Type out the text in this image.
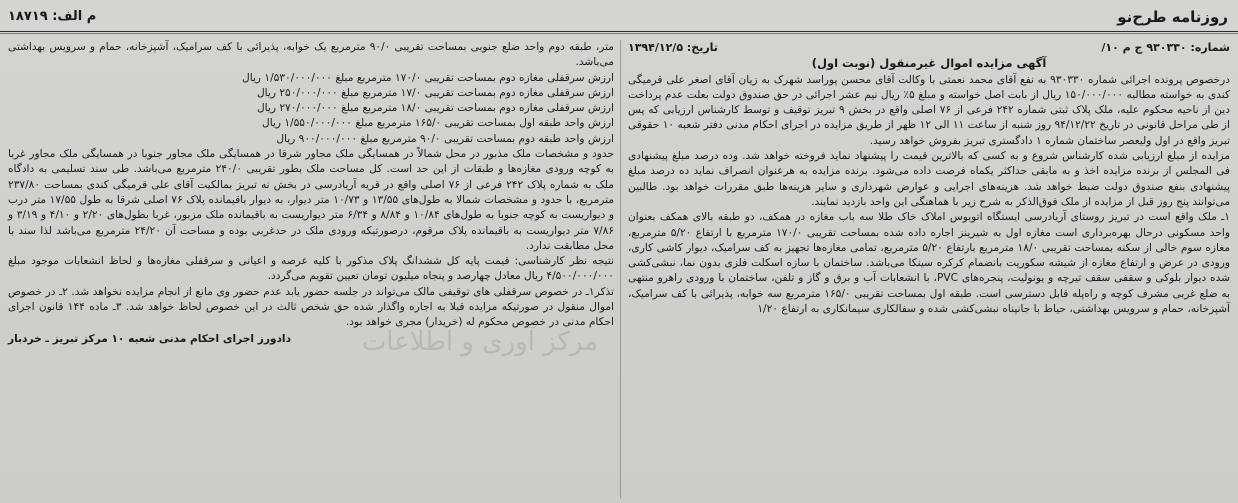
م الف: ۱۸۷۱۹	روزنامه طرح‌نو
شماره: ۹۳۰۳۳۰ ج م ۱۰/
تاریخ: ۱۳۹۴/۱۲/۵
آگهی مزایده اموال غیرمنقول (نوبت اول)

درخصوص پرونده اجرائی شماره ۹۳۰۳۳۰ به نفع آقای محمد نعمتی با وکالت آقای محسن پوراسد شهرک به زیان آقای اصغر علی قرمیگی کندی به خواسته مطالبه ۱۵۰/۰۰۰/۰۰۰ ریال از بابت اصل خواسته و مبلغ ۵٪ ریال نیم عشر اجرائی در حق صندوق دولت بعلت عدم پرداخت دین از ناحیه محکوم علیه، ملک پلاک ثبتی شماره ۲۴۲ فرعی از ۷۶ اصلی واقع در بخش ۹ تبریز توقیف و توسط کارشناس ارزیابی که پس از طی مراحل قانونی در تاریخ ۹۴/۱۲/۲۲ روز شنبه از ساعت ۱۱ الی ۱۲ ظهر از طریق مزایده در اجرای احکام مدنی دفتر شعبه ۱۰ حقوقی تبریز واقع در اول ولیعصر ساختمان شماره ۱ دادگستری تبریز بفروش خواهد رسید.

مزایده از مبلغ ارزیابی شده کارشناس شروع و به کسی که بالاترین قیمت را پیشنهاد نماید فروخته خواهد شد. وده درصد مبلغ پیشنهادی فی المجلس از برنده مزایده اخذ و به مابقی حداکثر یکماه فرصت داده می‌شود. برنده مزایده به هرعنوان انصراف نماید ده درصد مبلغ پیشنهادی بنفع صندوق دولت ضبط خواهد شد. هزینه‌های اجرایی و عوارض شهرداری و سایر هزینه‌ها طبق مقررات خواهد بود. طالبین می‌توانند پنج روز قبل از مزایده از ملک فوق‌الذکر به شرح زیر با هماهنگی این واحد بازدید نمایند.

۱ـ ملک واقع است در تبریز روستای آریادرسی ایستگاه اتوبوس املاک خاک طلا سه باب مغازه در همکف، دو طبقه بالای همکف بعنوان واحد مسکونی درحال بهره‌برداری است مغازه اول به شیرینز اجاره داده شده بمساحت تقریبی ۱۷۰/۰ مترمربع با ارتفاع ۵/۲۰ مترمربع، مغازه سوم خالی از سکنه بمساحت تقریبی ۱۸/۰ مترمربع بارتفاع ۵/۲۰ مترمربع، تمامی مغازه‌ها تجهیز به کف سرامیک، دیوار کاشی کاری، ورودی در عرض و ارتفاع مغازه از شیشه سکوریت بانضمام کرکره سینکا می‌باشد. ساختمان با سازه اسکلت فلزی بدون نما، نبشی‌کشی شده دیوار بلوکی و سقفی سقف تیرچه و یونولیت، پنجره‌های PVC، با انشعابات آب و برق و گاز و تلفن، ساختمان با ورودی راهرو منتهی به ضلع غربی مشرف کوچه و راه‌پله قابل دسترسی است. طبقه اول بمساحت تقریبی ۱۶۵/۰ مترمربع سه خوابه، پذیرائی با کف سرامیک، آشپزخانه، حمام و سرویس بهداشتی، حیاط با جانپناه نبشی‌کشی شده و سفالکاری سیمانکاری به ارتفاع ۱/۲۰

متر، طبقه دوم واحد ضلع جنوبی بمساحت تقریبی ۹۰/۰ مترمربع یک خوابه، پذیرائی با کف سرامیک، آشپزخانه، حمام و سرویس بهداشتی می‌باشد.

ارزش سرقفلی مغازه دوم بمساحت تقریبی ۱۷۰/۰ مترمربع مبلغ ۱/۵۳۰/۰۰۰/۰۰۰ ریال

ارزش سرقفلی مغازه دوم بمساحت تقریبی ۱۷/۰ مترمربع مبلغ ۲۵۰/۰۰۰/۰۰۰ ریال

ارزش سرقفلی مغازه دوم بمساحت تقریبی ۱۸/۰ مترمربع مبلغ ۲۷۰/۰۰۰/۰۰۰ ریال

ارزش واحد طبقه اول بمساحت تقریبی ۱۶۵/۰ مترمربع مبلغ ۱/۵۵۰/۰۰۰/۰۰۰ ریال

ارزش واحد طبقه دوم بمساحت تقریبی ۹۰/۰ مترمربع مبلغ ۹۰۰/۰۰۰/۰۰۰ ریال

حدود و مشخصات ملک مذبور در محل شمالاً در همسایگی ملک مجاور شرقا در همسایگی ملک مجاور جنوبا در همسایگی ملک مجاور غربا به کوچه ورودی مغازه‌ها و طبقات از این حد است. کل مساحت ملک بطور تقریبی ۲۴۰/۰ مترمربع می‌باشد. طی سند تسلیمی به دادگاه ملک به شماره پلاک ۲۴۲ فرعی از ۷۶ اصلی واقع در قریه آریادرسی در بخش نه تبریز بمالکیت آقای علی قرمیگی کندی بمساحت ۲۳۷/۸۰ مترمربع، با حدود و مشخصات شمالا به طول‌های ۱۳/۵۵ و ۱۰/۷۳ متر دیوار، به دیوار باقیمانده پلاک ۷۶ اصلی شرقا به طول ۱۷/۵۵ متر درب و دیواریست به کوچه جنوبا به طول‌های ۱۰/۸۴ و ۸/۸۴ و ۶/۳۴ متر دیواریست به باقیمانده ملک مزبور، غربا بطول‌های ۲/۲۰ و ۴/۱۰ و ۳/۱۹ و ۷/۸۶ متر دیواریست به باقیمانده پلاک مرقوم، درصورتیکه ورودی ملک در حدغربی بوده و مساحت آن ۲۴/۲۰ مترمربع می‌باشد لذا سند با محل مطابقت ندارد.

نتیجه نظر کارشناسی: قیمت پایه کل ششدانگ پلاک مذکور با کلیه عرصه و اعیانی و سرقفلی مغازه‌ها و لحاظ انشعابات موجود مبلغ ۴/۵۰۰/۰۰۰/۰۰۰ ریال معادل چهارصد و پنجاه میلیون تومان تعیین تقویم می‌گردد.

تذکر۱ـ در خصوص سرقفلی های توقیفی مالک می‌تواند در جلسه حضور یابد عدم حضور وی مانع از انجام مزایده نخواهد شد. ۲ـ در خصوص اموال منقول در صورتیکه مزایده قبلا به اجاره واگذار شده حق شخص ثالث در این خصوص لحاظ خواهد شد. ۳ـ ماده ۱۴۴ قانون اجرای احکام مدنی در خصوص محکوم له (خریدار) مجری خواهد بود.

دادورز اجرای احکام مدنی شعبه ۱۰ مرکز تبریز ـ خردبار	مرکز آوری و اطلاعات
